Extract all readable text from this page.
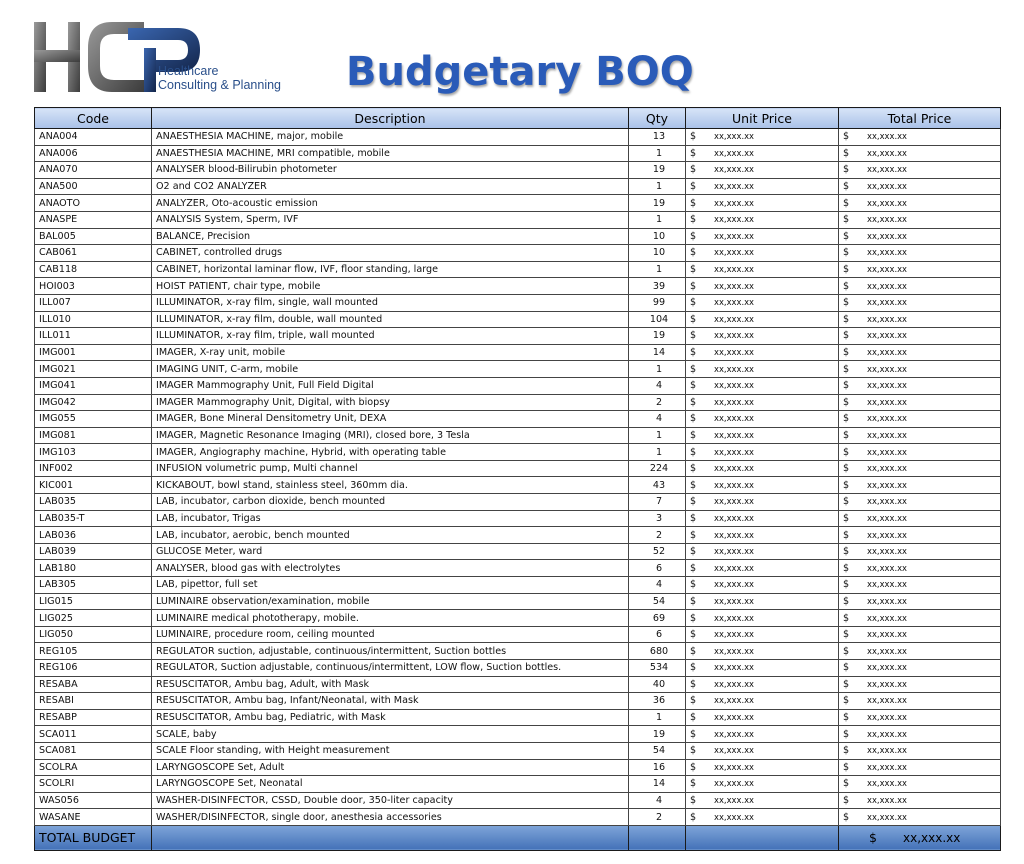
Healthcare
Consulting & Planning Budgetary BOQ
Code	Description	Qty	Unit Price	Total Price
ANA004	ANAESTHESIA MACHINE, major, mobile	13	$ xx,xxx.xx	$ xx,xxx.xx
ANA006	ANAESTHESIA MACHINE, MRI compatible, mobile	1	$ xx,xxx.xx	$ xx,xxx.xx
ANA070	ANALYSER blood-Bilirubin photometer	19	$ xx,xxx.xx	$ xx,xxx.xx
ANA500	O2 and CO2 ANALYZER	1	$ xx,xxx.xx	$ xx,xxx.xx
ANAOTO	ANALYZER, Oto-acoustic emission	19	$ xx,xxx.xx	$ xx,xxx.xx
ANASPE	ANALYSIS System, Sperm, IVF	1	$ xx,xxx.xx	$ xx,xxx.xx
BAL005	BALANCE, Precision	10	$ xx,xxx.xx	$ xx,xxx.xx
CAB061	CABINET, controlled drugs	10	$ xx,xxx.xx	$ xx,xxx.xx
CAB118	CABINET, horizontal laminar flow, IVF, floor standing, large	1	$ xx,xxx.xx	$ xx,xxx.xx
HOI003	HOIST PATIENT, chair type, mobile	39	$ xx,xxx.xx	$ xx,xxx.xx
ILL007	ILLUMINATOR, x-ray film, single, wall mounted	99	$ xx,xxx.xx	$ xx,xxx.xx
ILL010	ILLUMINATOR, x-ray film, double, wall mounted	104	$ xx,xxx.xx	$ xx,xxx.xx
ILL011	ILLUMINATOR, x-ray film, triple, wall mounted	19	$ xx,xxx.xx	$ xx,xxx.xx
IMG001	IMAGER, X-ray unit, mobile	14	$ xx,xxx.xx	$ xx,xxx.xx
IMG021	IMAGING UNIT, C-arm, mobile	1	$ xx,xxx.xx	$ xx,xxx.xx
IMG041	IMAGER Mammography Unit, Full Field Digital	4	$ xx,xxx.xx	$ xx,xxx.xx
IMG042	IMAGER Mammography Unit, Digital, with biopsy	2	$ xx,xxx.xx	$ xx,xxx.xx
IMG055	IMAGER, Bone Mineral Densitometry Unit, DEXA	4	$ xx,xxx.xx	$ xx,xxx.xx
IMG081	IMAGER, Magnetic Resonance Imaging (MRI), closed bore, 3 Tesla	1	$ xx,xxx.xx	$ xx,xxx.xx
IMG103	IMAGER, Angiography machine, Hybrid, with operating table	1	$ xx,xxx.xx	$ xx,xxx.xx
INF002	INFUSION volumetric pump, Multi channel	224	$ xx,xxx.xx	$ xx,xxx.xx
KIC001	KICKABOUT, bowl stand, stainless steel, 360mm dia.	43	$ xx,xxx.xx	$ xx,xxx.xx
LAB035	LAB, incubator, carbon dioxide, bench mounted	7	$ xx,xxx.xx	$ xx,xxx.xx
LAB035-T	LAB, incubator, Trigas	3	$ xx,xxx.xx	$ xx,xxx.xx
LAB036	LAB, incubator, aerobic, bench mounted	2	$ xx,xxx.xx	$ xx,xxx.xx
LAB039	GLUCOSE Meter, ward	52	$ xx,xxx.xx	$ xx,xxx.xx
LAB180	ANALYSER, blood gas with electrolytes	6	$ xx,xxx.xx	$ xx,xxx.xx
LAB305	LAB, pipettor, full set	4	$ xx,xxx.xx	$ xx,xxx.xx
LIG015	LUMINAIRE observation/examination, mobile	54	$ xx,xxx.xx	$ xx,xxx.xx
LIG025	LUMINAIRE medical phototherapy, mobile.	69	$ xx,xxx.xx	$ xx,xxx.xx
LIG050	LUMINAIRE, procedure room, ceiling mounted	6	$ xx,xxx.xx	$ xx,xxx.xx
REG105	REGULATOR suction, adjustable, continuous/intermittent, Suction bottles	680	$ xx,xxx.xx	$ xx,xxx.xx
REG106	REGULATOR, Suction adjustable, continuous/intermittent, LOW flow, Suction bottles.	534	$ xx,xxx.xx	$ xx,xxx.xx
RESABA	RESUSCITATOR, Ambu bag, Adult, with Mask	40	$ xx,xxx.xx	$ xx,xxx.xx
RESABI	RESUSCITATOR, Ambu bag, Infant/Neonatal, with Mask	36	$ xx,xxx.xx	$ xx,xxx.xx
RESABP	RESUSCITATOR, Ambu bag, Pediatric, with Mask	1	$ xx,xxx.xx	$ xx,xxx.xx
SCA011	SCALE, baby	19	$ xx,xxx.xx	$ xx,xxx.xx
SCA081	SCALE Floor standing, with Height measurement	54	$ xx,xxx.xx	$ xx,xxx.xx
SCOLRA	LARYNGOSCOPE Set, Adult	16	$ xx,xxx.xx	$ xx,xxx.xx
SCOLRI	LARYNGOSCOPE Set, Neonatal	14	$ xx,xxx.xx	$ xx,xxx.xx
WAS056	WASHER-DISINFECTOR, CSSD, Double door, 350-liter capacity	4	$ xx,xxx.xx	$ xx,xxx.xx
WASANE	WASHER/DISINFECTOR, single door, anesthesia accessories	2	$ xx,xxx.xx	$ xx,xxx.xx
TOTAL BUDGET				$ xx,xxx.xx
